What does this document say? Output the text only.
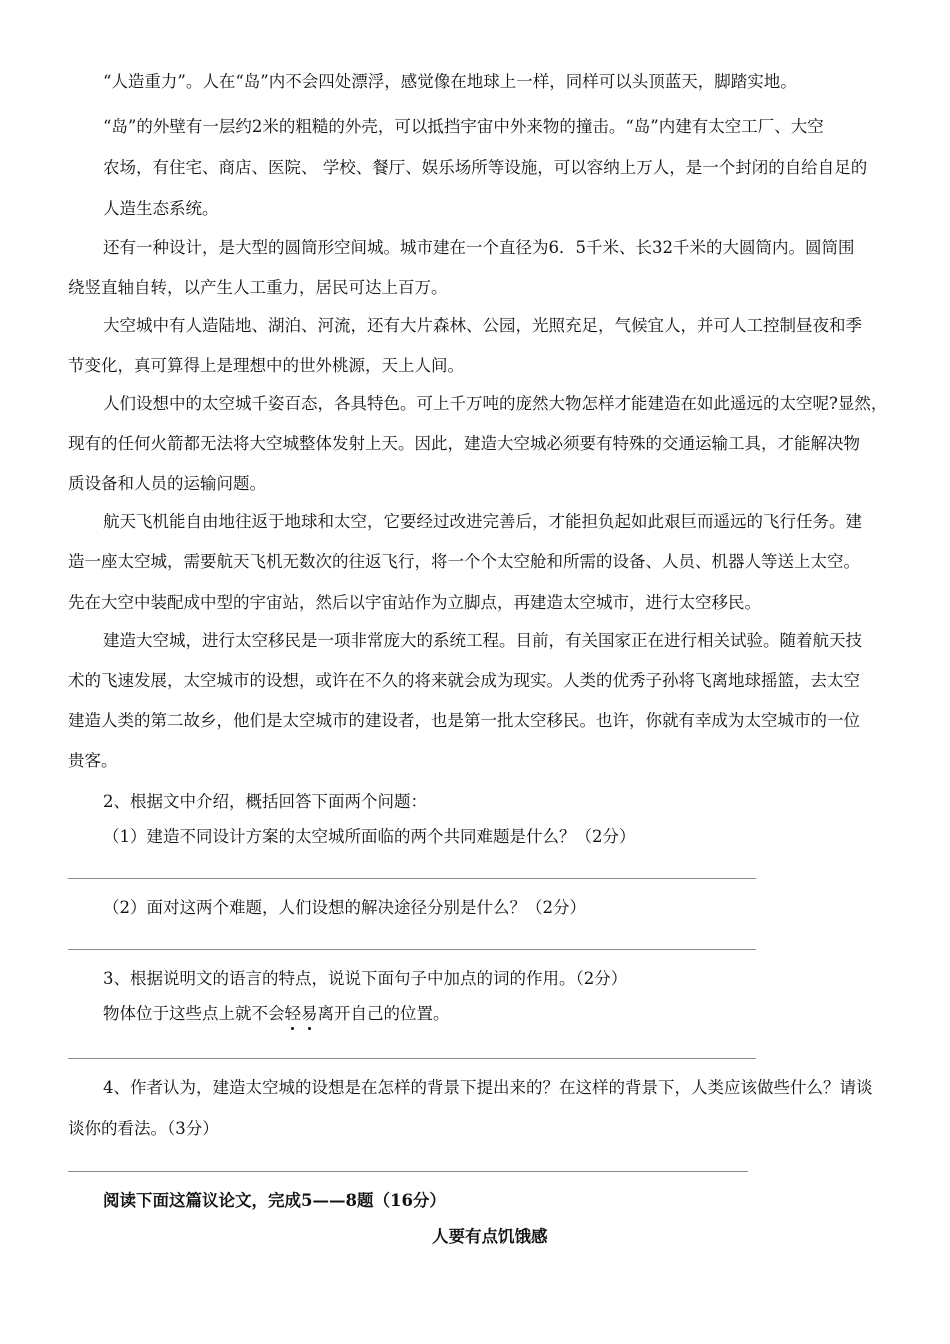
“人造重力”。人在“岛”内不会四处漂浮，感觉像在地球上一样，同样可以头顶蓝天，脚踏实地。
“岛”的外壁有一层约2米的粗糙的外壳，可以抵挡宇宙中外来物的撞击。“岛”内建有太空工厂、大空
农场，有住宅、商店、医院、 学校、餐厅、娱乐场所等设施，可以容纳上万人，是一个封闭的自给自足的
人造生态系统。
还有一种设计，是大型的圆筒形空间城。城市建在一个直径为6．5千米、长32千米的大圆筒内。圆筒围
绕竖直轴自转，以产生人工重力，居民可达上百万。
大空城中有人造陆地、湖泊、河流，还有大片森林、公园，光照充足，气候宜人，并可人工控制昼夜和季
节变化，真可算得上是理想中的世外桃源，天上人间。
人们设想中的太空城千姿百态，各具特色。可上千万吨的庞然大物怎样才能建造在如此遥远的太空呢?显然，
现有的任何火箭都无法将大空城整体发射上天。因此，建造大空城必须要有特殊的交通运输工具，才能解决物
质设备和人员的运输问题。
航天飞机能自由地往返于地球和太空，它要经过改进完善后，才能担负起如此艰巨而遥远的飞行任务。建
造一座太空城，需要航天飞机无数次的往返飞行，将一个个太空舱和所需的设备、人员、机器人等送上太空。
先在大空中装配成中型的宇宙站，然后以宇宙站作为立脚点，再建造太空城市，进行太空移民。
建造大空城，进行太空移民是一项非常庞大的系统工程。目前，有关国家正在进行相关试验。随着航天技
术的飞速发展，太空城市的设想，或许在不久的将来就会成为现实。人类的优秀子孙将飞离地球摇篮，去太空
建造人类的第二故乡，他们是太空城市的建设者，也是第一批太空移民。也许，你就有幸成为太空城市的一位
贵客。
2、根据文中介绍，概括回答下面两个问题：
（1）建造不同设计方案的太空城所面临的两个共同难题是什么？（2分）
（2）面对这两个难题，人们设想的解决途径分别是什么？（2分）
3、根据说明文的语言的特点，说说下面句子中加点的词的作用。（2分）
物体位于这些点上就不会轻易离开自己的位置。
4、作者认为，建造太空城的设想是在怎样的背景下提出来的？在这样的背景下，人类应该做些什么？请谈
谈你的看法。（3分）
阅读下面这篇议论文，完成5——8题（16分）
人要有点饥饿感
